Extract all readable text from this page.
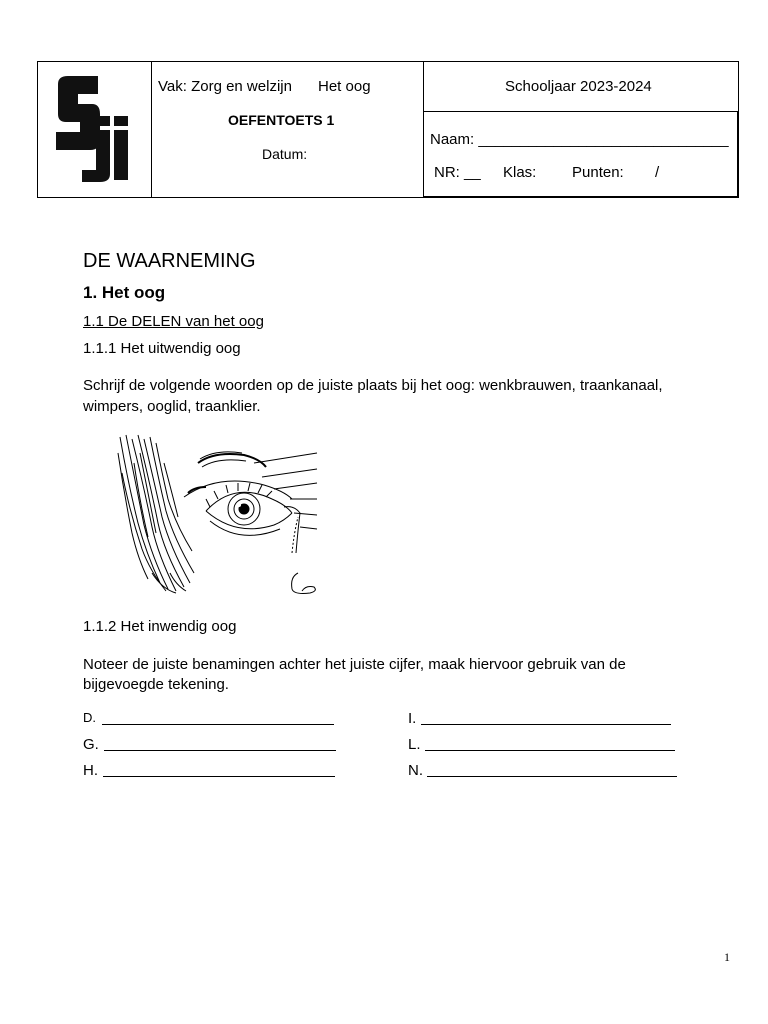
Vak: Zorg en welzijn Het oog
OEFENTOETS 1
Datum:
Schooljaar 2023-2024
Naam: ______________________________
NR: __ Klas: Punten: /
DE WAARNEMING
1. Het oog
1.1 De DELEN van het oog
1.1.1 Het uitwendig oog
Schrijf de volgende woorden op de juiste plaats bij het oog: wenkbrauwen, traankanaal,
wimpers, ooglid, traanklier.
1.1.2 Het inwendig oog
Noteer de juiste benamingen achter het juiste cijfer, maak hiervoor gebruik van de
bijgevoegde tekening.
D.
G.
H.
I.
L.
N.
1
